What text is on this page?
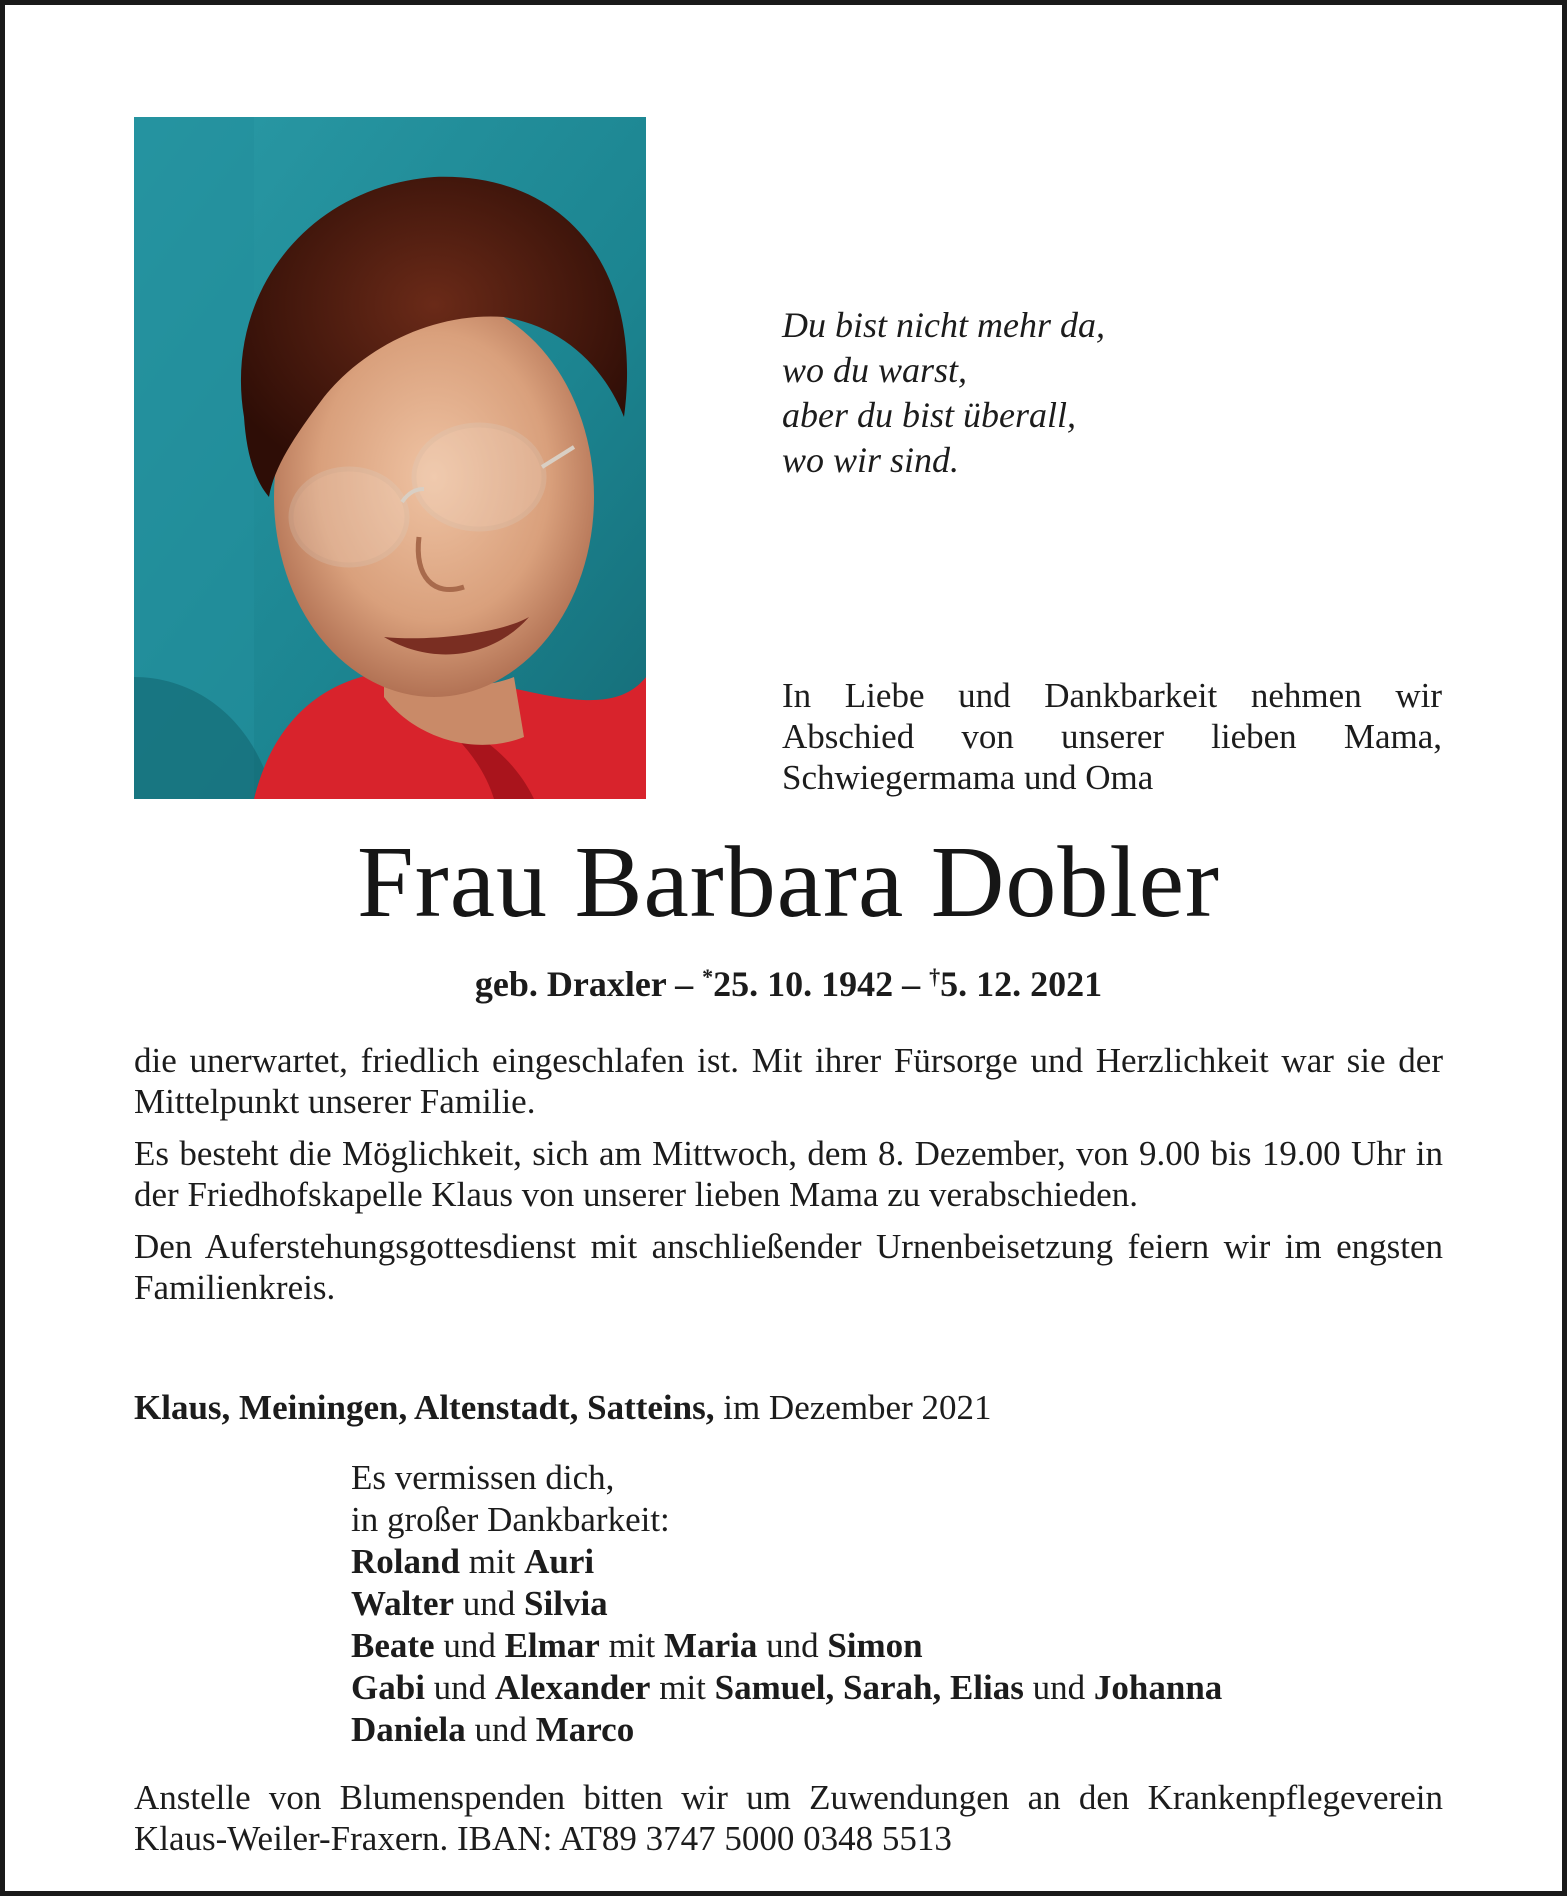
Du bist nicht mehr da,
wo du warst,
aber du bist überall,
wo wir sind.
In Liebe und Dankbarkeit nehmen wir Abschied von unserer lieben Mama, Schwiegermama und Oma
Frau Barbara Dobler
geb. Draxler – *25. 10. 1942 – †5. 12. 2021

die unerwartet, friedlich eingeschlafen ist. Mit ihrer Fürsorge und Herzlichkeit war sie der Mittelpunkt unserer Familie.

Es besteht die Möglichkeit, sich am Mittwoch, dem 8. Dezember, von 9.00 bis 19.00 Uhr in der Friedhofskapelle Klaus von unserer lieben Mama zu verabschieden.

Den Auferstehungsgottesdienst mit anschließender Urnenbeisetzung feiern wir im engsten Familienkreis.

Klaus, Meiningen, Altenstadt, Satteins, im Dezember 2021
Es vermissen dich,
in großer Dankbarkeit:
Roland mit Auri
Walter und Silvia
Beate und Elmar mit Maria und Simon
Gabi und Alexander mit Samuel, Sarah, Elias und Johanna
Daniela und Marco
Anstelle von Blumenspenden bitten wir um Zuwendungen an den Krankenpflegeverein Klaus-Weiler-Fraxern. IBAN: AT89 3747 5000 0348 5513
